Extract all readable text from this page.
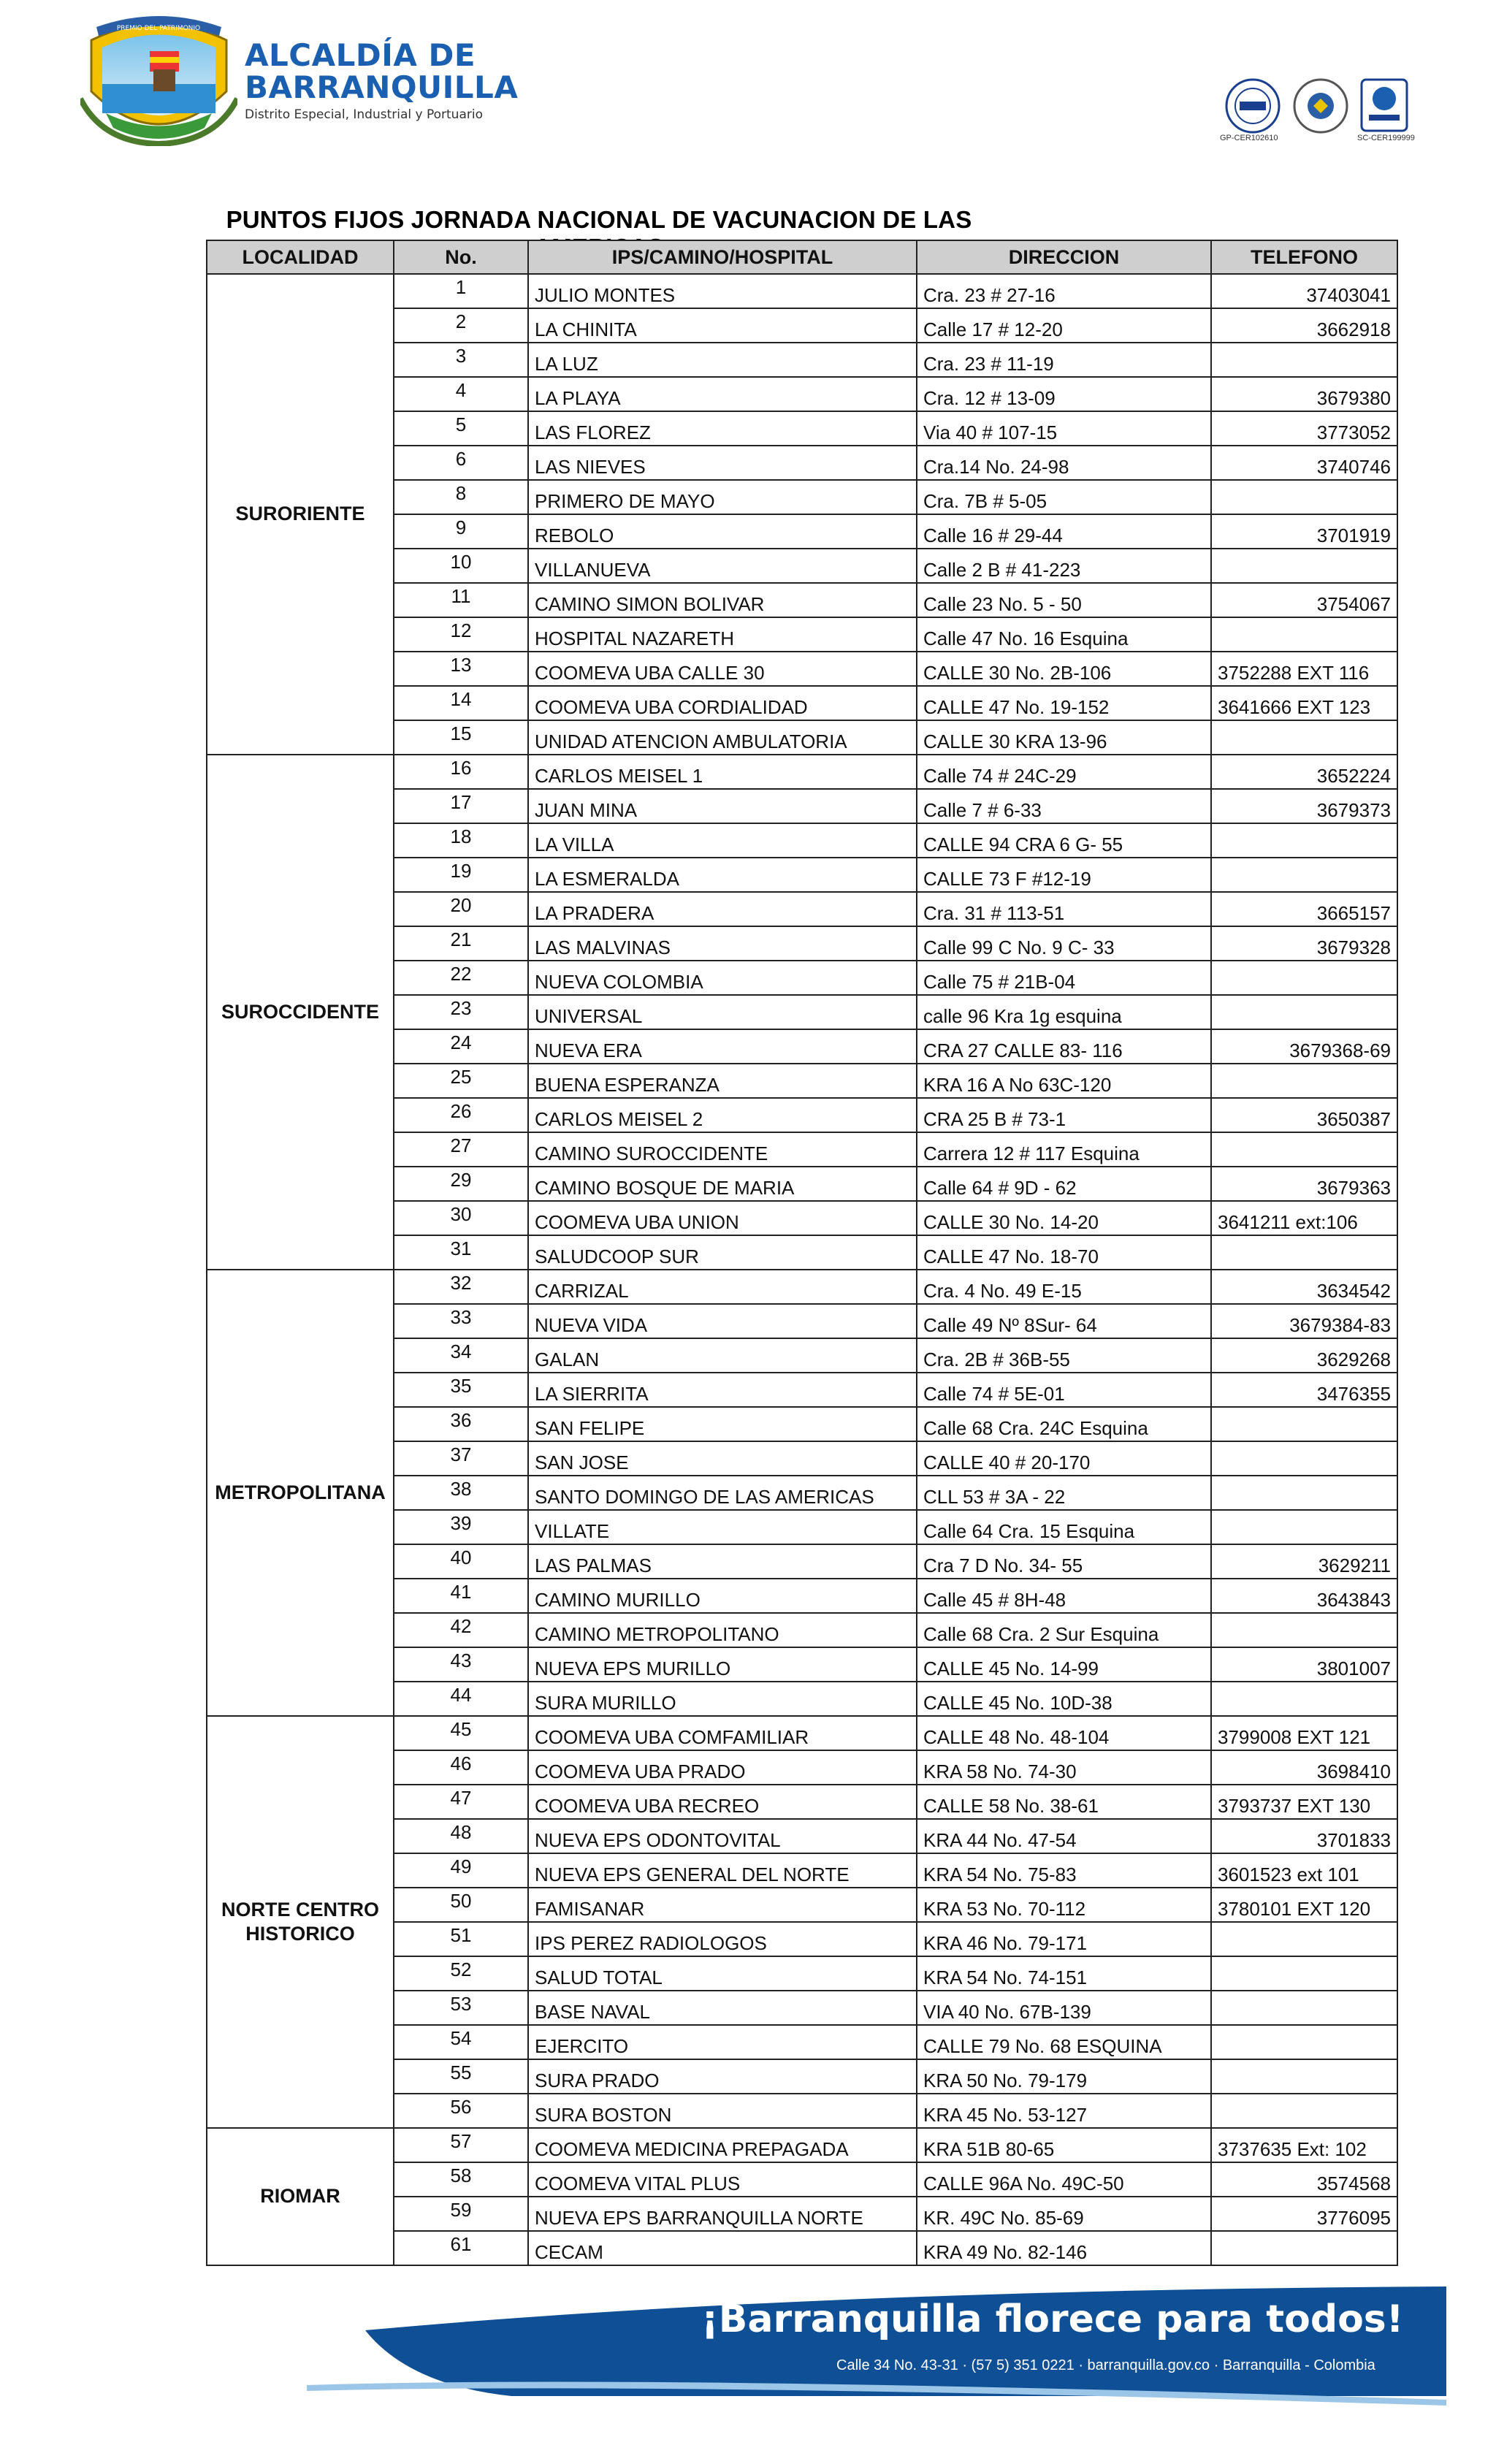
PREMIO DEL PATRIMONIO
ALCALDÍA DE
BARRANQUILLA
Distrito Especial, Industrial y Portuario
GP-CER102610	SC-CER199999
PUNTOS FIJOS JORNADA NACIONAL DE VACUNACION DE LAS
LOCALIDAD	No.	IPS/CAMINO/HOSPITAL	DIRECCION	TELEFONO
SURORIENTE	1	JULIO MONTES	Cra. 23 # 27-16	37403041
	2	LA CHINITA	Calle 17 # 12-20	3662918
	3	LA LUZ	Cra. 23 # 11-19	
	4	LA PLAYA	Cra. 12 # 13-09	3679380
	5	LAS FLOREZ	Via 40 # 107-15	3773052
	6	LAS NIEVES	Cra.14 No. 24-98	3740746
	8	PRIMERO DE MAYO	Cra. 7B # 5-05	
	9	REBOLO	Calle 16 # 29-44	3701919
	10	VILLANUEVA	Calle 2 B # 41-223	
	11	CAMINO SIMON BOLIVAR	Calle 23 No. 5 - 50	3754067
	12	HOSPITAL NAZARETH	Calle 47 No. 16 Esquina	
	13	COOMEVA UBA CALLE 30	CALLE 30 No. 2B-106	3752288 EXT 116
	14	COOMEVA UBA CORDIALIDAD	CALLE 47 No. 19-152	3641666 EXT 123
	15	UNIDAD ATENCION AMBULATORIA	CALLE 30 KRA 13-96	
SUROCCIDENTE	16	CARLOS MEISEL 1	Calle 74 # 24C-29	3652224
	17	JUAN MINA	Calle 7 # 6-33	3679373
	18	LA VILLA	CALLE 94 CRA 6 G- 55	
	19	LA ESMERALDA	CALLE 73 F #12-19	
	20	LA PRADERA	Cra. 31 # 113-51	3665157
	21	LAS MALVINAS	Calle 99 C No. 9 C- 33	3679328
	22	NUEVA COLOMBIA	Calle 75 # 21B-04	
	23	UNIVERSAL	calle 96 Kra 1g esquina	
	24	NUEVA ERA	CRA 27 CALLE 83- 116	3679368-69
	25	BUENA ESPERANZA	KRA 16 A No 63C-120	
	26	CARLOS MEISEL 2	CRA 25 B # 73-1	3650387
	27	CAMINO SUROCCIDENTE	Carrera 12 # 117 Esquina	
	29	CAMINO BOSQUE DE MARIA	Calle 64 # 9D - 62	3679363
	30	COOMEVA UBA UNION	CALLE 30 No. 14-20	3641211 ext:106
	31	SALUDCOOP SUR	CALLE 47 No. 18-70	
METROPOLITANA	32	CARRIZAL	Cra. 4 No. 49 E-15	3634542
	33	NUEVA VIDA	Calle 49 Nº 8Sur- 64	3679384-83
	34	GALAN	Cra. 2B # 36B-55	3629268
	35	LA SIERRITA	Calle 74 # 5E-01	3476355
	36	SAN FELIPE	Calle 68 Cra. 24C Esquina	
	37	SAN JOSE	CALLE 40 # 20-170	
	38	SANTO DOMINGO DE LAS AMERICAS	CLL 53 # 3A - 22	
	39	VILLATE	Calle 64 Cra. 15 Esquina	
	40	LAS PALMAS	Cra 7 D No. 34- 55	3629211
	41	CAMINO MURILLO	Calle 45 # 8H-48	3643843
	42	CAMINO METROPOLITANO	Calle 68 Cra. 2 Sur Esquina	
	43	NUEVA EPS MURILLO	CALLE 45 No. 14-99	3801007
	44	SURA MURILLO	CALLE 45 No. 10D-38	
NORTE CENTRO HISTORICO	45	COOMEVA UBA COMFAMILIAR	CALLE 48 No. 48-104	3799008 EXT 121
	46	COOMEVA UBA PRADO	KRA 58 No. 74-30	3698410
	47	COOMEVA UBA RECREO	CALLE 58 No. 38-61	3793737 EXT 130
	48	NUEVA EPS ODONTOVITAL	KRA 44 No. 47-54	3701833
	49	NUEVA EPS GENERAL DEL NORTE	KRA 54 No. 75-83	3601523 ext 101
	50	FAMISANAR	KRA 53 No. 70-112	3780101 EXT 120
	51	IPS PEREZ RADIOLOGOS	KRA 46 No. 79-171	
	52	SALUD TOTAL	KRA 54 No. 74-151	
	53	BASE NAVAL	VIA 40 No. 67B-139	
	54	EJERCITO	CALLE 79 No. 68 ESQUINA	
	55	SURA PRADO	KRA 50 No. 79-179	
	56	SURA BOSTON	KRA 45 No. 53-127	
RIOMAR	57	COOMEVA MEDICINA PREPAGADA	KRA 51B 80-65	3737635 Ext: 102
	58	COOMEVA VITAL PLUS	CALLE 96A No. 49C-50	3574568
	59	NUEVA EPS BARRANQUILLA NORTE	KR. 49C No. 85-69	3776095
	61	CECAM	KRA 49 No. 82-146	
¡Barranquilla florece para todos!
Calle 34 No. 43-31 · (57 5) 351 0221 · barranquilla.gov.co · Barranquilla - Colombia
